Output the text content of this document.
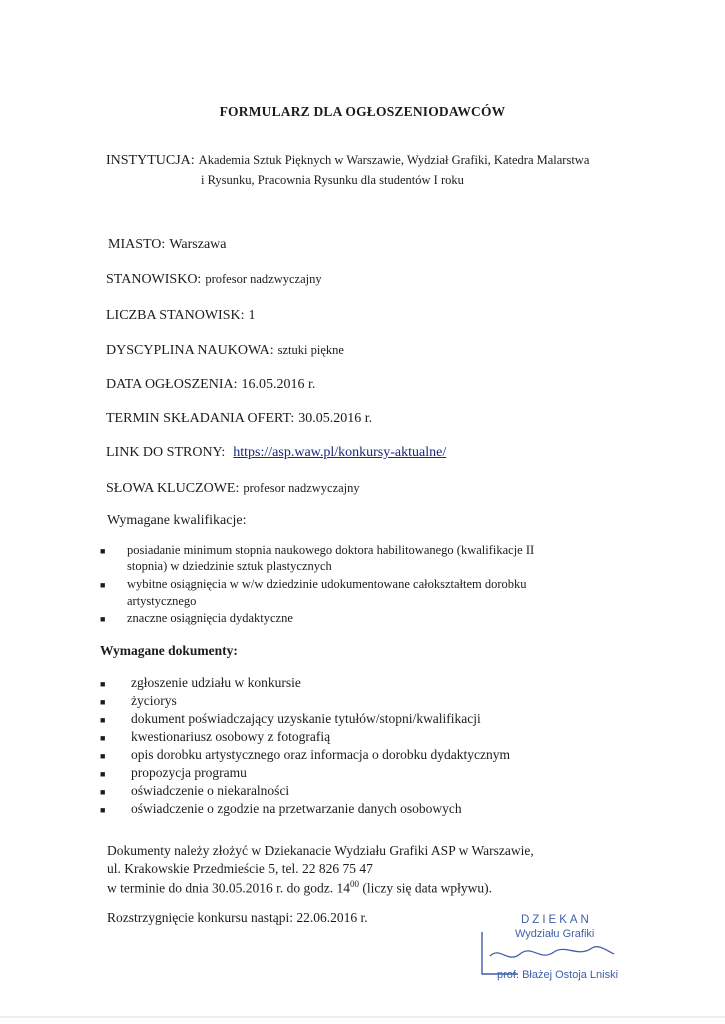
FORMULARZ DLA OGŁOSZENIODAWCÓW
INSTYTUCJA: Akademia Sztuk Pięknych w Warszawie, Wydział Grafiki, Katedra Malarstwa
i Rysunku, Pracownia Rysunku dla studentów I roku
MIASTO: Warszawa
STANOWISKO: profesor nadzwyczajny
LICZBA STANOWISK: 1
DYSCYPLINA NAUKOWA: sztuki piękne
DATA OGŁOSZENIA: 16.05.2016 r.
TERMIN SKŁADANIA OFERT: 30.05.2016 r.
LINK DO STRONY: https://asp.waw.pl/konkursy-aktualne/
SŁOWA KLUCZOWE: profesor nadzwyczajny
Wymagane kwalifikacje:
■ posiadanie minimum stopnia naukowego doktora habilitowanego (kwalifikacje II
stopnia) w dziedzinie sztuk plastycznych
■ wybitne osiągnięcia w w/w dziedzinie udokumentowane całokształtem dorobku
artystycznego
■ znaczne osiągnięcia dydaktyczne
Wymagane dokumenty:
■ zgłoszenie udziału w konkursie
■ życiorys
■ dokument poświadczający uzyskanie tytułów/stopni/kwalifikacji
■ kwestionariusz osobowy z fotografią
■ opis dorobku artystycznego oraz informacja o dorobku dydaktycznym
■ propozycja programu
■ oświadczenie o niekaralności
■ oświadczenie o zgodzie na przetwarzanie danych osobowych
Dokumenty należy złożyć w Dziekanacie Wydziału Grafiki ASP w Warszawie,
ul. Krakowskie Przedmieście 5, tel. 22 826 75 47
w terminie do dnia 30.05.2016 r. do godz. $14^{00}$ (liczy się data wpływu).
Rozstrzygnięcie konkursu nastąpi: 22.06.2016 r.	DZIEKAN
Wydziału Grafiki
prof. Błażej Ostoja Lniski
